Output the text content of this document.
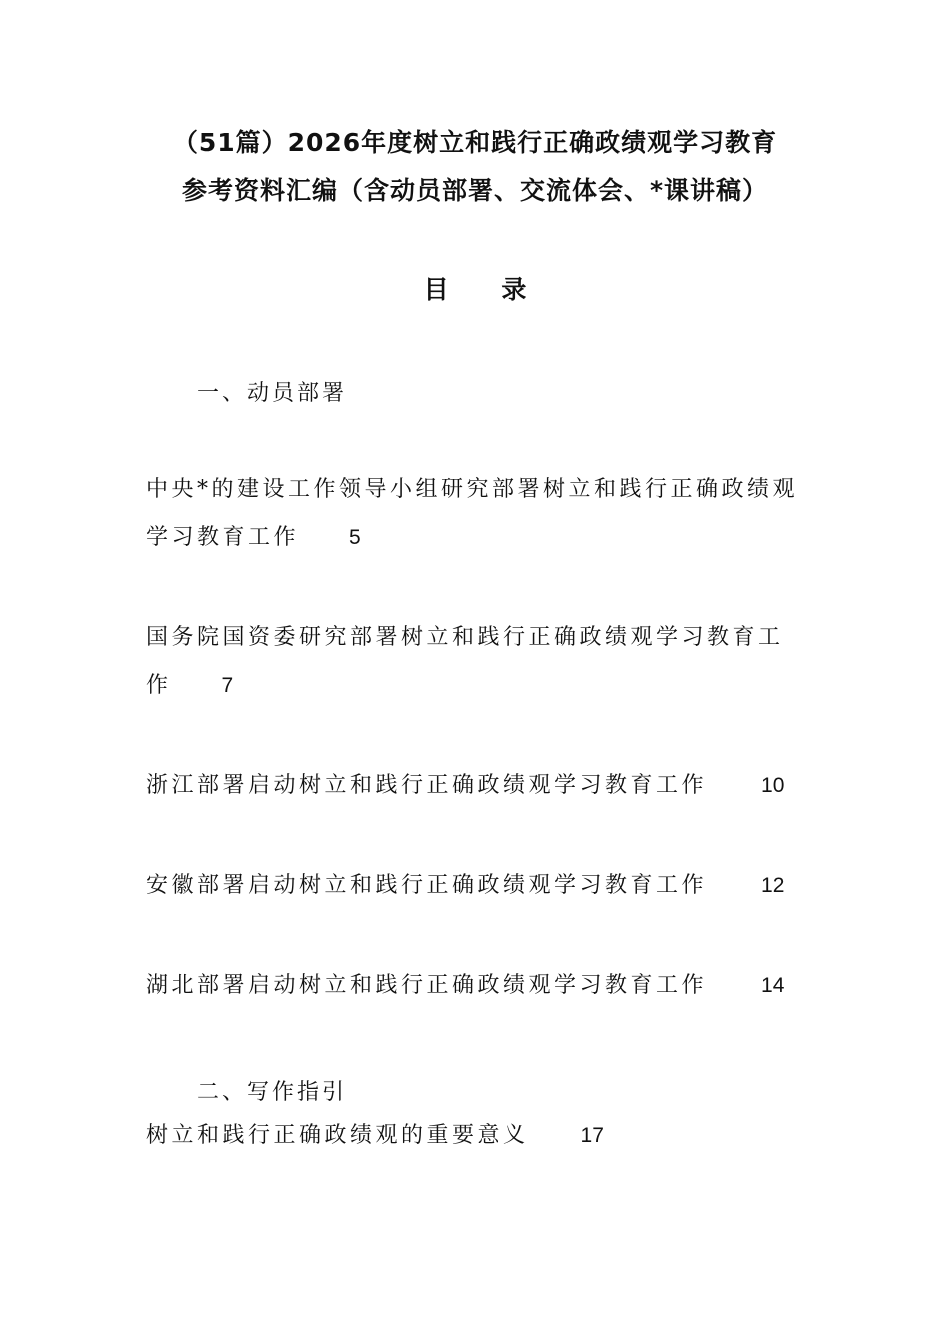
（51篇）2026年度树立和践行正确政绩观学习教育
参考资料汇编（含动员部署、交流体会、*课讲稿）
目 录
一、动员部署
中央*的建设工作领导小组研究部署树立和践行正确政绩观
学习教育工作 5
国务院国资委研究部署树立和践行正确政绩观学习教育工
作 7
浙江部署启动树立和践行正确政绩观学习教育工作	10
安徽部署启动树立和践行正确政绩观学习教育工作	12
湖北部署启动树立和践行正确政绩观学习教育工作	14
二、写作指引
树立和践行正确政绩观的重要意义 17
